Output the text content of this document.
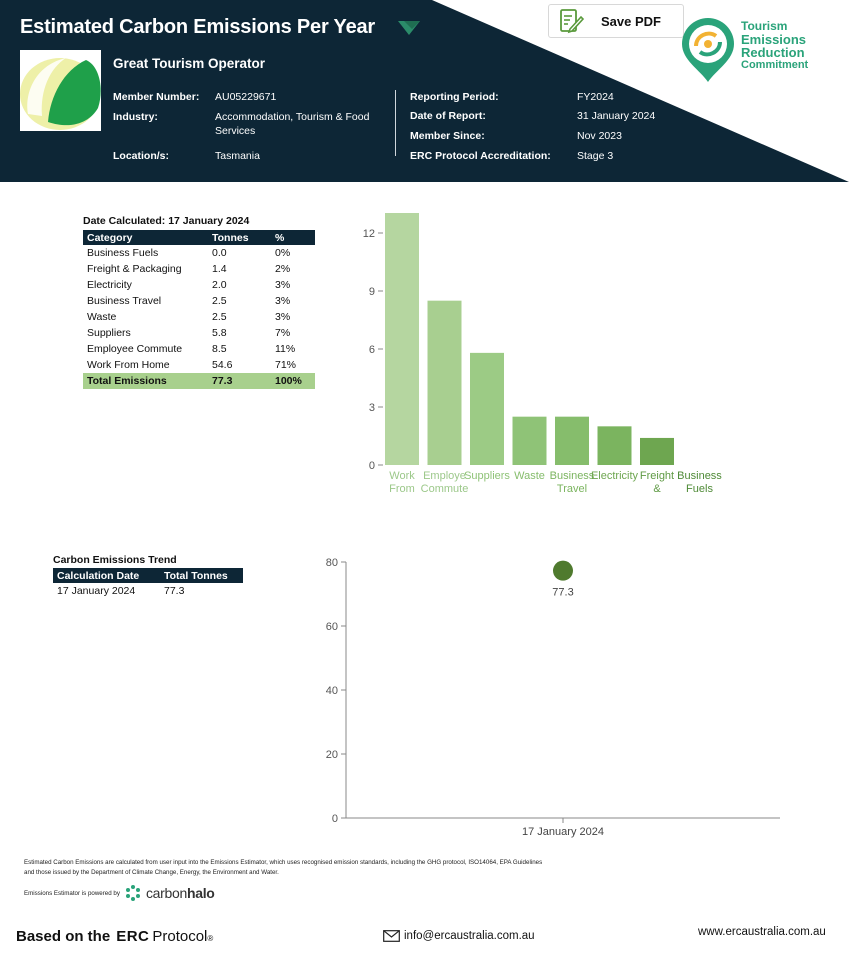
Estimated Carbon Emissions Per Year
Great Tourism Operator
Member Number: AU05229671
Industry:	Accommodation, Tourism & Food Services
Location/s:	Tasmania
Reporting Period:	FY2024
Date of Report:	31 January 2024
Member Since:	Nov 2023
ERC Protocol Accreditation: Stage 3
Save PDF	Tourism
Emissions
Reduction
Commitment
Date Calculated: 17 January 2024
Category	Tonnes	%
Business Fuels	0.0	0%
Freight & Packaging	1.4	2%
Electricity	2.0	3%
Business Travel	2.5	3%
Waste	2.5	3%
Suppliers	5.8	7%
Employee Commute	8.5	11%
Work From Home	54.6	71%
Total Emissions	77.3	100%
0
3
6
9
12
Work
From
Employe
Commute
Suppliers Waste Business
Travel
Electricity Freight
&
Business
Fuels
Carbon Emissions Trend
Calculation Date	Total Tonnes
17 January 2024	77.3
0
20
40
60
80
17 January 2024
77.3
Estimated Carbon Emissions are calculated from user input into the Emissions Estimator, which uses recognised emission standards, including the GHG protocol, ISO14064, EPA Guidelines
and those issued by the Department of Climate Change, Energy, the Environment and Water.
Emissions Estimator is powered by carbonhalo
Based on the ERC Protocol ®	info@ercaustralia.com.au	www.ercaustralia.com.au
